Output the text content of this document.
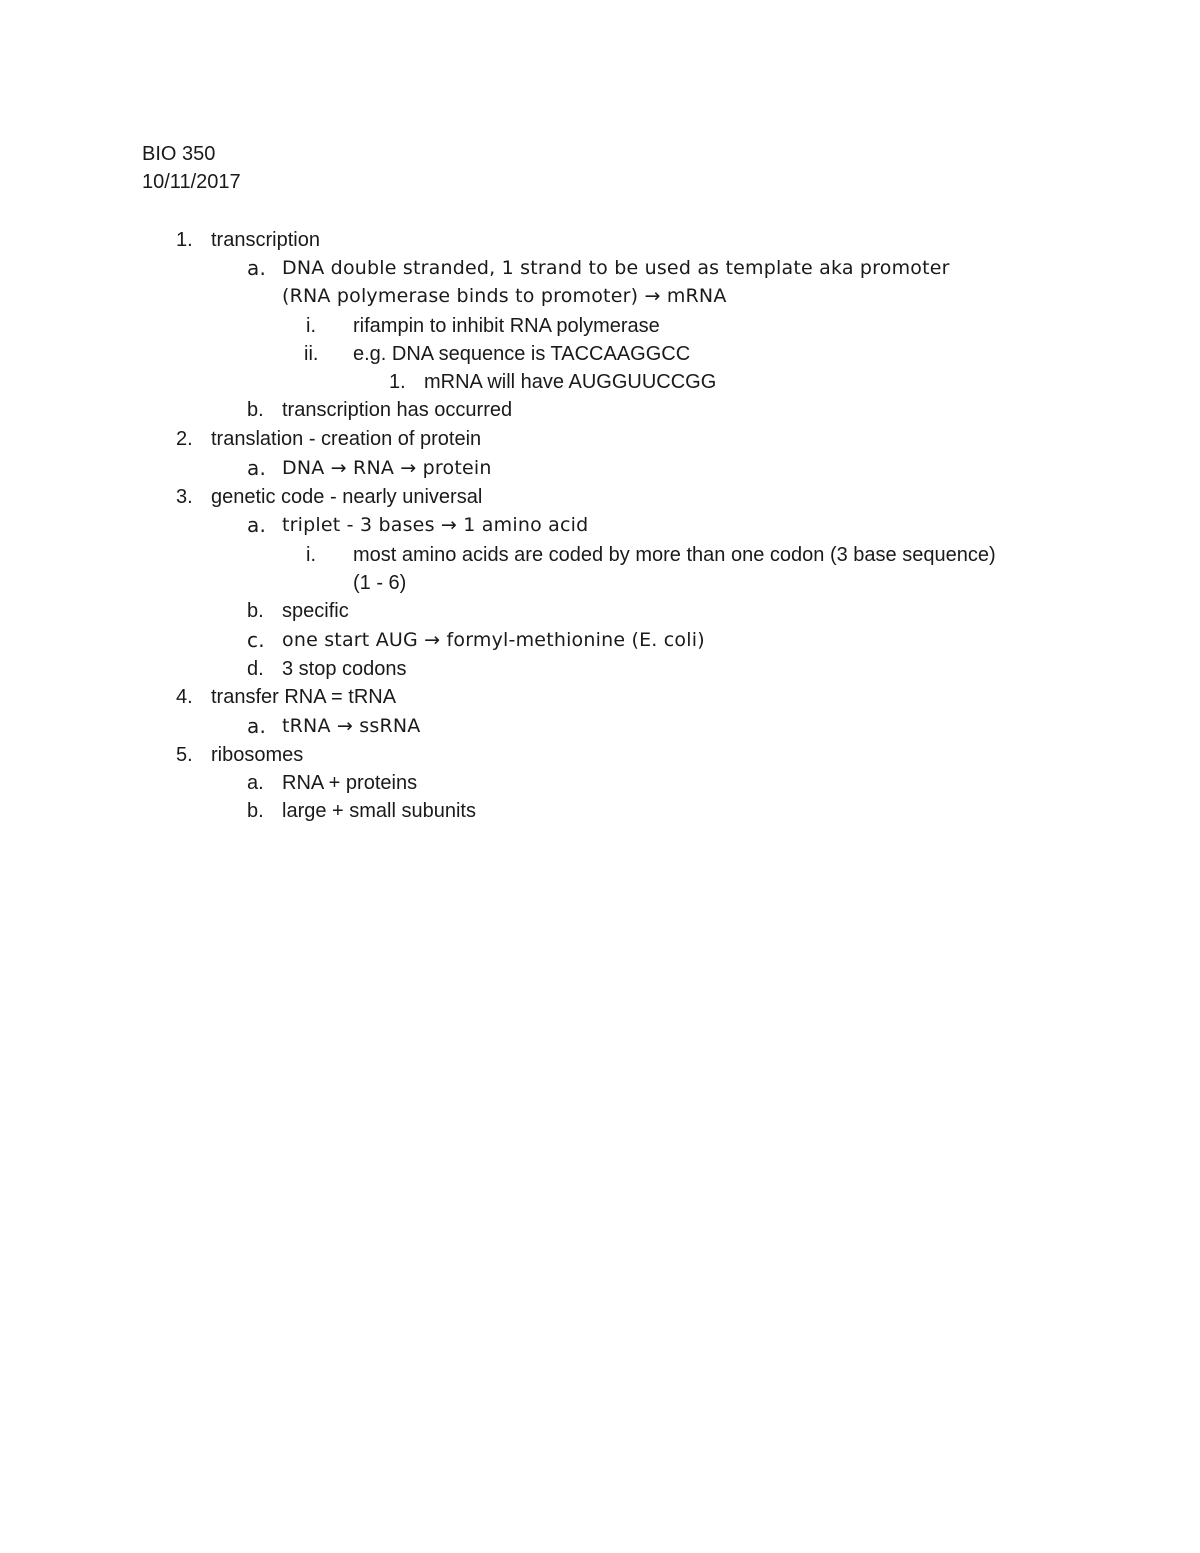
BIO 350
10/11/2017
1. transcription
a. DNA double stranded, 1 strand to be used as template aka promoter
(RNA polymerase binds to promoter) → mRNA
i. rifampin to inhibit RNA polymerase
ii. e.g. DNA sequence is TACCAAGGCC
1. mRNA will have AUGGUUCCGG
b. transcription has occurred
2. translation - creation of protein
a. DNA → RNA → protein
3. genetic code - nearly universal
a. triplet - 3 bases → 1 amino acid
i. most amino acids are coded by more than one codon (3 base sequence)
(1 - 6)
b. specific
c. one start AUG → formyl-methionine (E. coli)
d. 3 stop codons
4. transfer RNA = tRNA
a. tRNA → ssRNA
5. ribosomes
a. RNA + proteins
b. large + small subunits
